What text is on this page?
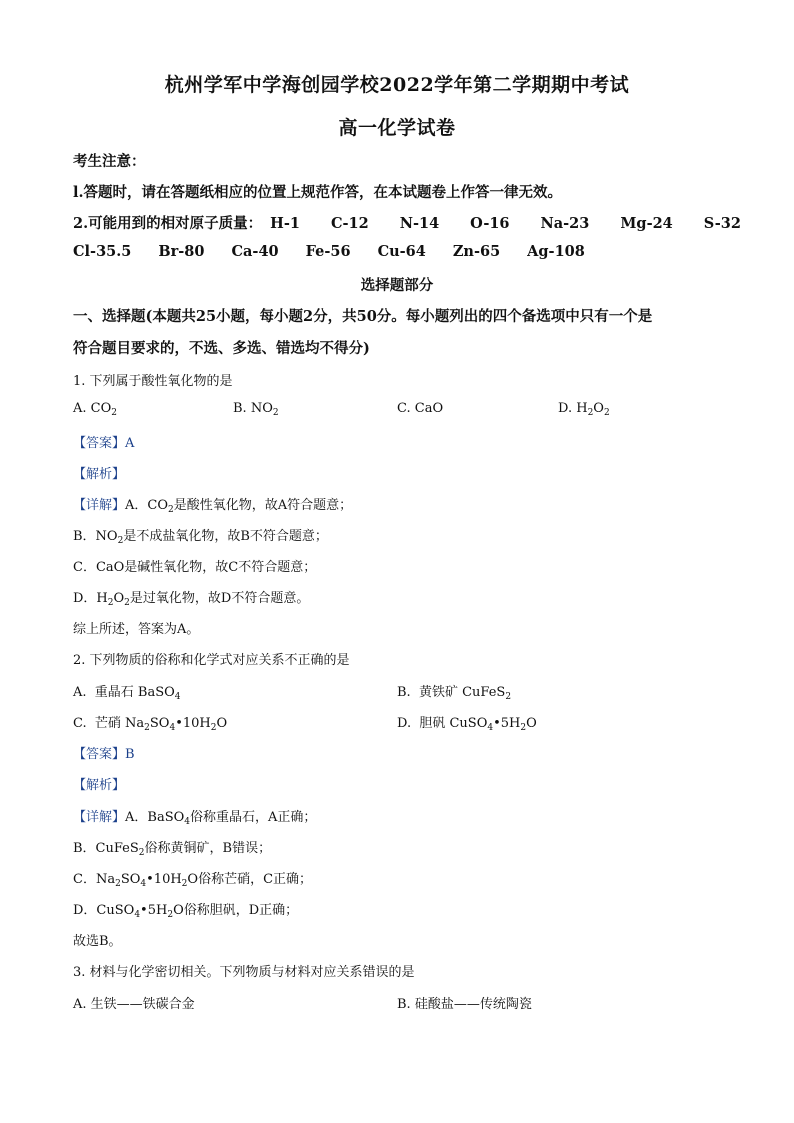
杭州学军中学海创园学校2022学年第二学期期中考试
高一化学试卷
考生注意：
l.答题时，请在答题纸相应的位置上规范作答，在本试题卷上作答一律无效。
2.可能用到的相对原子质量： H-1 C-12 N-14 O-16 Na-23 Mg-24 S-32
Cl-35.5 Br-80 Ca-40 Fe-56 Cu-64 Zn-65 Ag-108
选择题部分
一、选择题(本题共25小题，每小题2分，共50分。每小题列出的四个备选项中只有一个是
符合题目要求的，不选、多选、错选均不得分)
1. 下列属于酸性氧化物的是
A. $CO_2$	B. $NO_2$	C. CaO	D. $H_2O_2$
【答案】A
【解析】
【详解】A．$CO_2$是酸性氧化物，故A符合题意；
B．$NO_2$是不成盐氧化物，故B不符合题意；
C．CaO是碱性氧化物，故C不符合题意；
D．$H_2O_2$是过氧化物，故D不符合题意。
综上所述，答案为A。
2. 下列物质的俗称和化学式对应关系不正确的是
A.  重晶石 BaSO$_4$	B.  黄铁矿 CuFeS$_2$
C.  芒硝 $Na_2SO_4•10H_2O$	D.  胆矾 $CuSO_4•5H_2O$
【答案】B
【解析】
【详解】A．BaSO$_4$俗称重晶石，A正确；
B．CuFeS$_2$俗称黄铜矿，B错误；
C．$Na_2SO_4•10H_2O$俗称芒硝，C正确；
D．$CuSO_4•5H_2O$俗称胆矾，D正确；
故选B。
3. 材料与化学密切相关。下列物质与材料对应关系错误的是
A. 生铁——铁碳合金	B. 硅酸盐——传统陶瓷
